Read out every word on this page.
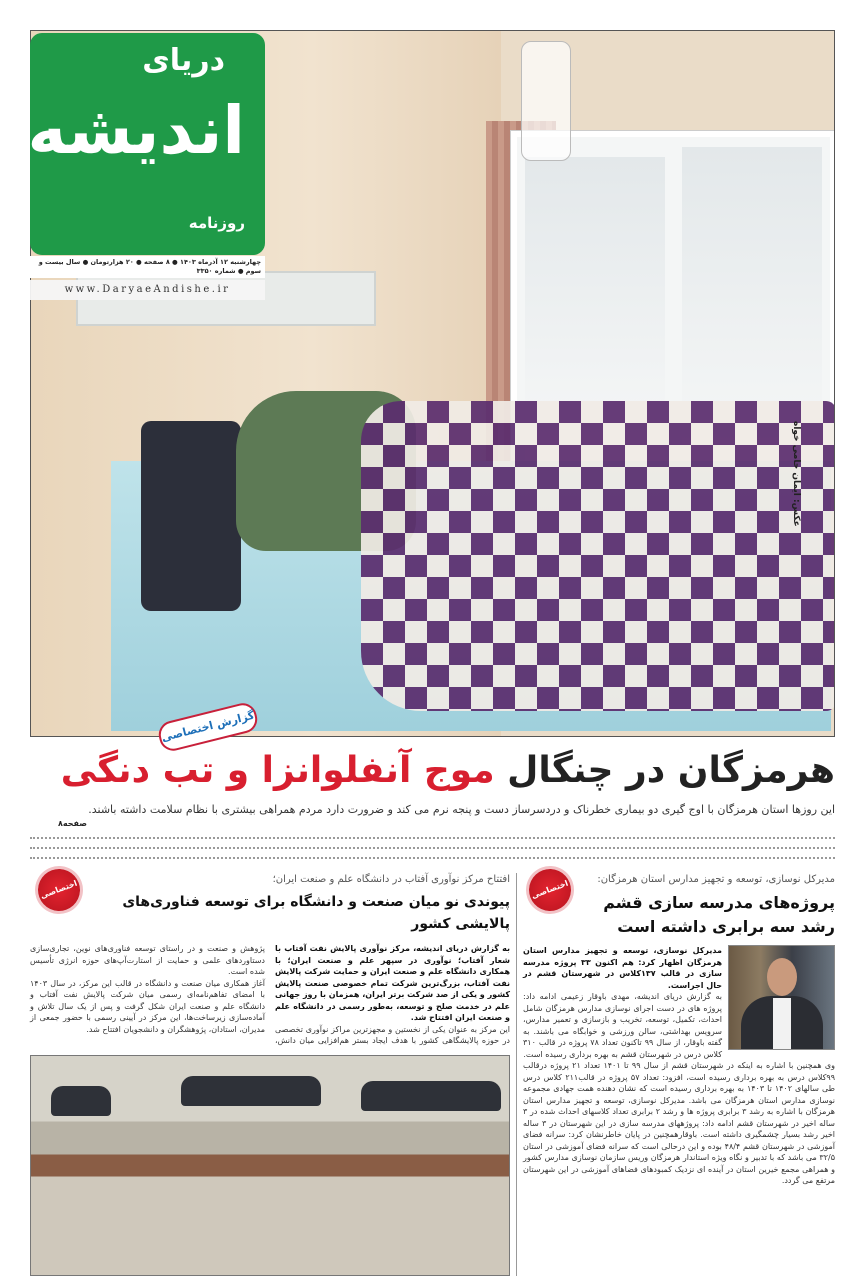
عکس: ایمان حامی خواه
دریای
اندیشه
روزنامه
چهارشنبه ۱۲ آذرماه ۱۴۰۳ ● ۸ صفحه ● ۲۰ هزارتومان ● سال بیست و سوم ● شماره ۳۳۵۰
www.DaryaeAndishe.ir
گزارش اختصاصی
هرمزگان در چنگال موج آنفلوانزا و تب دنگی
این روزها استان هرمزگان با اوج گیری دو بیماری خطرناک و دردسرساز دست و پنجه نرم می کند و ضرورت دارد مردم همراهی بیشتری با نظام سلامت داشته باشند.
صفحه۸
اختصاصی	افتتاح مرکز نوآوری آفتاب در دانشگاه علم و صنعت ایران؛
پیوندی نو میان صنعت و دانشگاه برای توسعه فناوری‌های پالایشی کشور
به گزارش دریای اندیشه، مرکز نوآوری پالایش نفت آفتاب با شعار آفتاب؛ نوآوری در سپهر علم و صنعت ایران؛ با همکاری دانشگاه علم و صنعت ایران و حمایت شرکت پالایش نفت آفتاب، بزرگ‌ترین شرکت تمام خصوصی صنعت پالایش کشور و یکی از صد شرکت برتر ایران، همزمان با روز جهانی علم در خدمت صلح و توسعه، به‌طور رسمی در دانشگاه علم و صنعت ایران افتتاح شد.

این مرکز به عنوان یکی از نخستین و مجهزترین مراکز نوآوری تخصصی در حوزه پالایشگاهی کشور با هدف ایجاد بستر هم‌افزایی میان دانش، پژوهش و صنعت و در راستای توسعه فناوری‌های نوین، تجاری‌سازی دستاوردهای علمی و حمایت از استارت‌آپ‌های حوزه انرژی تأسیس شده است.

آغاز همکاری میان صنعت و دانشگاه در قالب این مرکز، در سال ۱۴۰۳ با امضای تفاهم‌نامه‌ای رسمی میان شرکت پالایش نفت آفتاب و دانشگاه علم و صنعت ایران شکل گرفت و پس از یک سال تلاش و آماده‌سازی زیرساخت‌ها، این مرکز در آیینی رسمی با حضور جمعی از مدیران، استادان، پژوهشگران و دانشجویان افتتاح شد.

اختصاصی	مدیرکل نوسازی، توسعه و تجهیز مدارس استان هرمزگان:
پروژه‌های مدرسه سازی قشم رشد سه برابری داشته است
مدیرکل نوسازی، توسعه و تجهیز مدارس استان هرمزگان اظهار کرد: هم اکنون ۳۳ پروژه مدرسه سازی در قالب ۱۳۷کلاس در شهرستان قشم در حال اجراست.

به گزارش دریای اندیشه، مهدی باوقار زعیمی ادامه داد: پروژه های در دست اجرای نوسازی مدارس هرمزگان شامل احداث، تکمیل، توسعه، تخریب و بازسازی و تعمیر مدارس، سرویس بهداشتی، سالن ورزشی و خوابگاه می باشند. به گفته باوقار، از سال ۹۹ تاکنون تعداد ۷۸ پروژه در قالب ۳۱۰ کلاس درس در شهرستان قشم به بهره برداری رسیده است.

وی همچنین با اشاره به اینکه در شهرستان قشم از سال ۹۹ تا ۱۴۰۱ تعداد ۲۱ پروژه درقالب ۹۹کلاس درس به بهره برداری رسیده است، افزود: تعداد ۵۷ پروژه در قالب۲۱۱ کلاس درس طی سالهای ۱۴۰۲ تا ۱۴۰۳ به بهره برداری رسیده است که نشان دهنده همت جهادی مجموعه نوسازی مدارس استان هرمزگان می باشد. مدیرکل نوسازی، توسعه و تجهیز مدارس استان هرمزگان با اشاره به رشد ۳ برابری پروژه ها و رشد ۲ برابری تعداد کلاسهای احداث شده در ۳ ساله اخیر در شهرستان قشم ادامه داد: پروژههای مدرسه سازی در این شهرستان در ۳ ساله اخیر رشد بسیار چشمگیری داشته است. باوقارهمچنین در پایان خاطرنشان کرد: سرانه فضای آموزشی در شهرستان قشم ۴۸/۴ بوده و این درحالی است که سرانه فضای آموزشی در استان ۳۲/۵ می باشد که با تدبیر و نگاه ویژه استاندار هرمزگان وریس سازمان نوسازی مدارس کشور و همراهی مجمع خیرین استان در آینده ای نزدیک کمبودهای فضاهای آموزشی در این شهرستان مرتفع می گردد.
